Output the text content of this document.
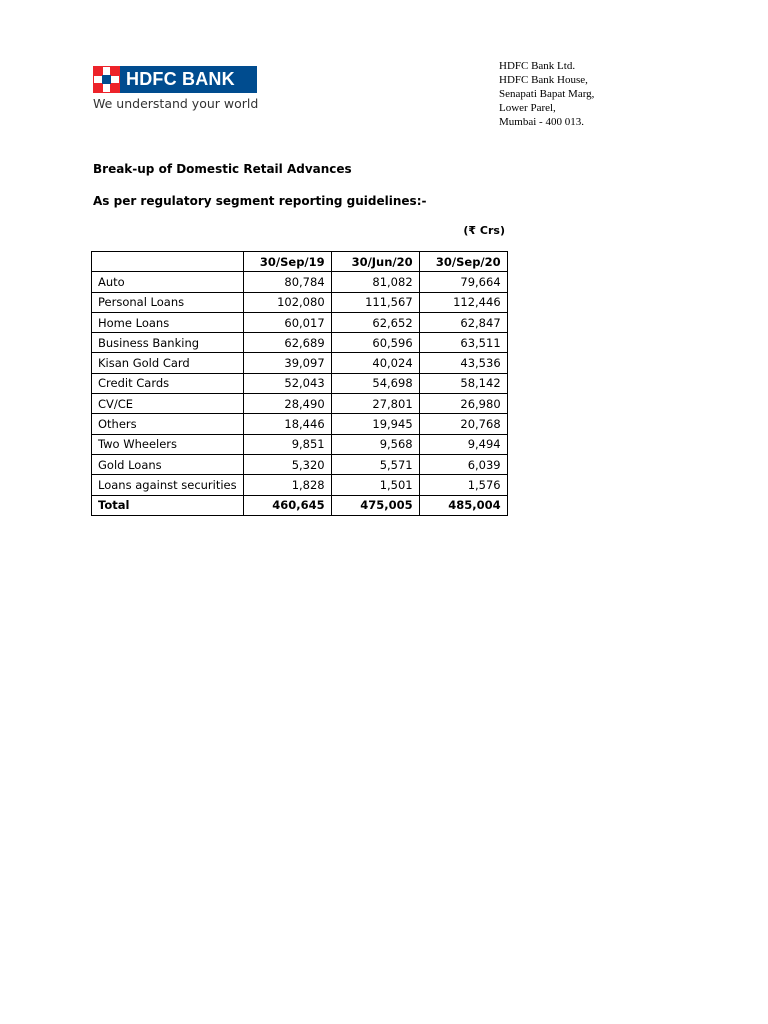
HDFC BANK
We understand your world
HDFC Bank Ltd.
HDFC Bank House,
Senapati Bapat Marg,
Lower Parel,
Mumbai - 400 013.
Break-up of Domestic Retail Advances
As per regulatory segment reporting guidelines:-
(₹ Crs)
	30/Sep/19	30/Jun/20	30/Sep/20
Auto	80,784	81,082	79,664
Personal Loans	102,080	111,567	112,446
Home Loans	60,017	62,652	62,847
Business Banking	62,689	60,596	63,511
Kisan Gold Card	39,097	40,024	43,536
Credit Cards	52,043	54,698	58,142
CV/CE	28,490	27,801	26,980
Others	18,446	19,945	20,768
Two Wheelers	9,851	9,568	9,494
Gold Loans	5,320	5,571	6,039
Loans against securities	1,828	1,501	1,576
Total	460,645	475,005	485,004
